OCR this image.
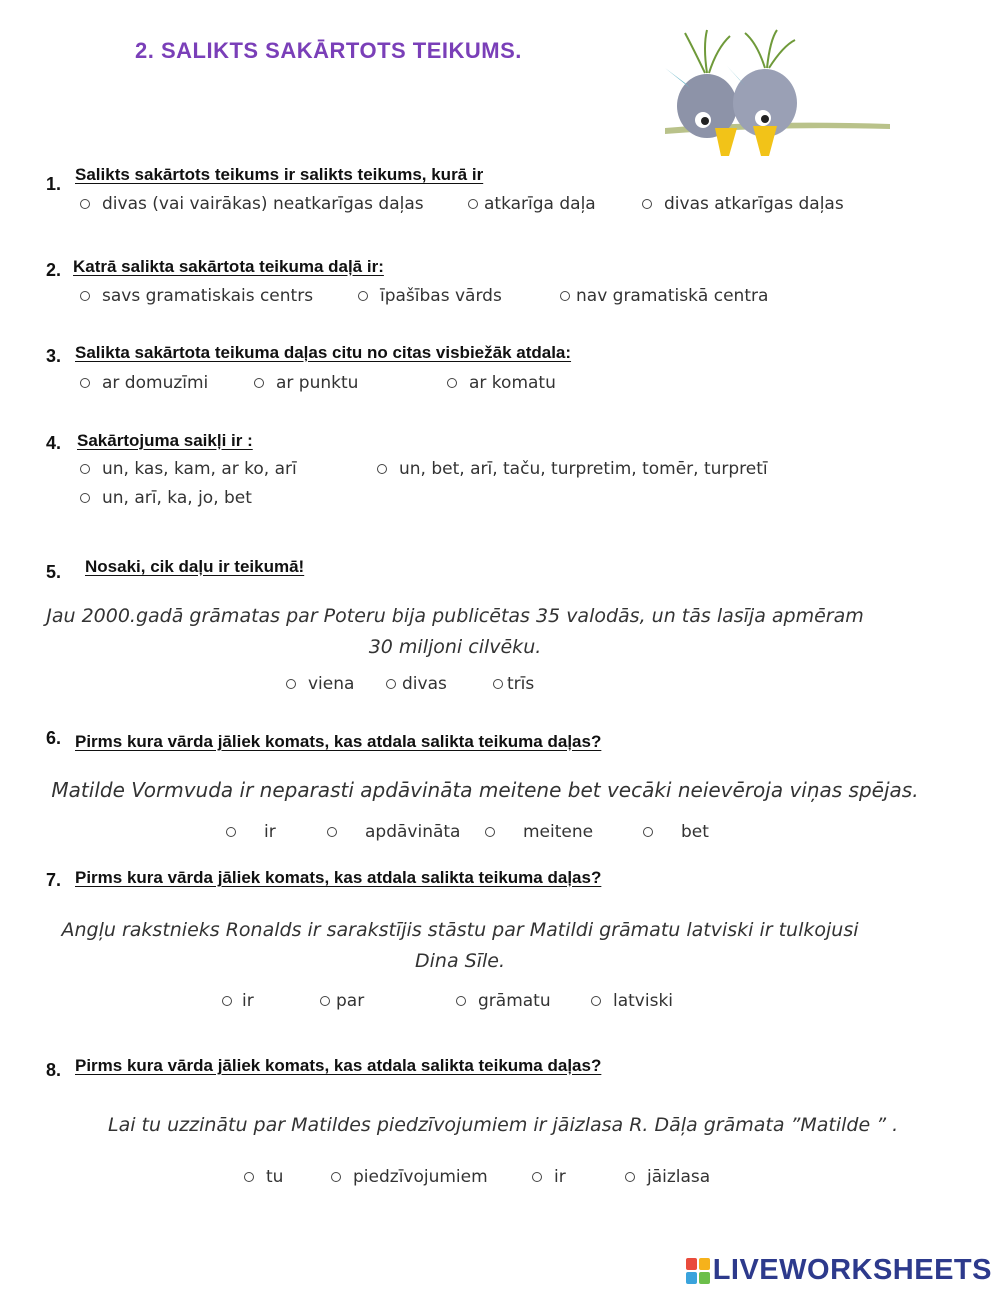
2. SALIKTS SAKĀRTOTS TEIKUMS.
1. Salikts sakārtots teikums ir salikts teikums, kurā ir
divas (vai vairākas) neatkarīgas daļas	atkarīga daļa	divas atkarīgas daļas
2. Katrā salikta sakārtota teikuma daļā ir:
savs gramatiskais centrs	īpašības vārds	nav gramatiskā centra
3. Salikta sakārtota teikuma daļas citu no citas visbiežāk atdala:
ar domuzīmi	ar punktu	ar komatu
4. Sakārtojuma saikļi ir :
un, kas, kam, ar ko, arī	un, bet, arī, taču, turpretim, tomēr, turpretī
un, arī, ka, jo, bet
5. Nosaki, cik daļu ir teikumā!
Jau 2000.gadā grāmatas par Poteru bija publicētas 35 valodās, un tās lasīja apmēram
30 miljoni cilvēku.
viena	divas	trīs
6. Pirms kura vārda jāliek komats, kas atdala salikta teikuma daļas?
Matilde Vormvuda ir neparasti apdāvināta meitene bet vecāki neievēroja viņas spējas.
ir	apdāvināta	meitene	bet
7. Pirms kura vārda jāliek komats, kas atdala salikta teikuma daļas?
Angļu rakstnieks Ronalds ir sarakstījis stāstu par Matildi grāmatu latviski ir tulkojusi
Dina Sīle.
ir	par	grāmatu	latviski
8. Pirms kura vārda jāliek komats, kas atdala salikta teikuma daļas?
Lai tu uzzinātu par Matildes piedzīvojumiem ir jāizlasa R. Dāļa grāmata ”Matilde ” .
tu	piedzīvojumiem	ir	jāizlasa
LIVEWORKSHEETS
